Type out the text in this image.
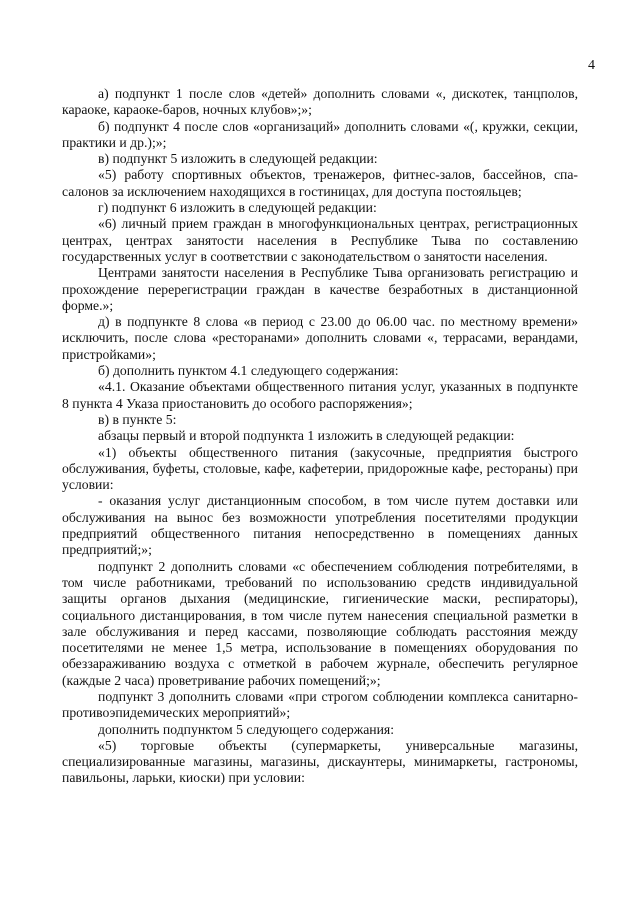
4

а) подпункт 1 после слов «детей» дополнить словами «, дискотек, танцполов, караоке, караоке-баров, ночных клубов»;»;

б) подпункт 4 после слов «организаций» дополнить словами «(, кружки, секции, практики и др.);»;

в) подпункт 5 изложить в следующей редакции:

«5) работу спортивных объектов, тренажеров, фитнес-залов, бассейнов, спа-салонов за исключением находящихся в гостиницах, для доступа постояльцев;

г) подпункт 6 изложить в следующей редакции:

«6) личный прием граждан в многофункциональных центрах, регистрационных центрах, центрах занятости населения в Республике Тыва по составлению государственных услуг в соответствии с законодательством о занятости населения.

Центрами занятости населения в Республике Тыва организовать регистрацию и прохождение перерегистрации граждан в качестве безработных в дистанционной форме.»;

д) в подпункте 8 слова «в период с 23.00 до 06.00 час. по местному времени» исключить, после слова «ресторанами» дополнить словами «, террасами, верандами, пристройками»;

б) дополнить пунктом 4.1 следующего содержания:

«4.1. Оказание объектами общественного питания услуг, указанных в подпункте 8 пункта 4 Указа приостановить до особого распоряжения»;

в) в пункте 5:

абзацы первый и второй подпункта 1 изложить в следующей редакции:

«1) объекты общественного питания (закусочные, предприятия быстрого обслуживания, буфеты, столовые, кафе, кафетерии, придорожные кафе, рестораны) при условии:

- оказания услуг дистанционным способом, в том числе путем доставки или обслуживания на вынос без возможности употребления посетителями продукции предприятий общественного питания непосредственно в помещениях данных предприятий;»;

подпункт 2 дополнить словами «с обеспечением соблюдения потребителями, в том числе работниками, требований по использованию средств индивидуальной защиты органов дыхания (медицинские, гигиенические маски, респираторы), социального дистанцирования, в том числе путем нанесения специальной разметки в зале обслуживания и перед кассами, позволяющие соблюдать расстояния между посетителями не менее 1,5 метра, использование в помещениях оборудования по обеззараживанию воздуха с отметкой в рабочем журнале, обеспечить регулярное (каждые 2 часа) проветривание рабочих помещений;»;

подпункт 3 дополнить словами «при строгом соблюдении комплекса санитарно-противоэпидемических мероприятий»;

дополнить подпунктом 5 следующего содержания:

«5) торговые объекты (супермаркеты, универсальные магазины, специализированные магазины, магазины, дискаунтеры, минимаркеты, гастрономы, павильоны, ларьки, киоски) при условии:
